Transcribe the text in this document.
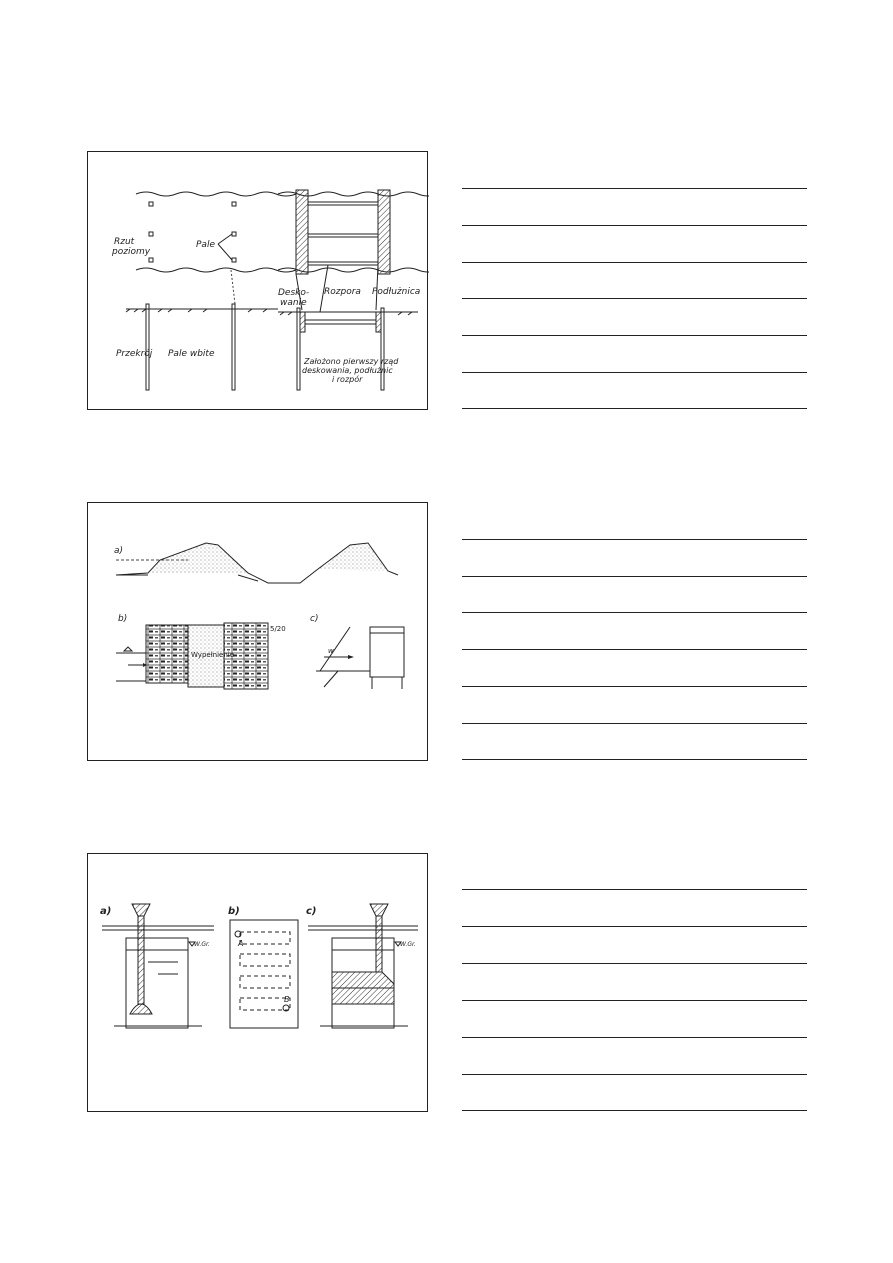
Rzut
poziomy
Pale
Przekrój Pale wbite
Desko-
wanie
Rozpora Podłużnica
Założono pierwszy rząd
deskowania, podłużnic
i rozpór
a)
b)
Wypełnienie
5/20
c)
w
a)
W.Gr.
b)
A
B
c)
W.Gr.
